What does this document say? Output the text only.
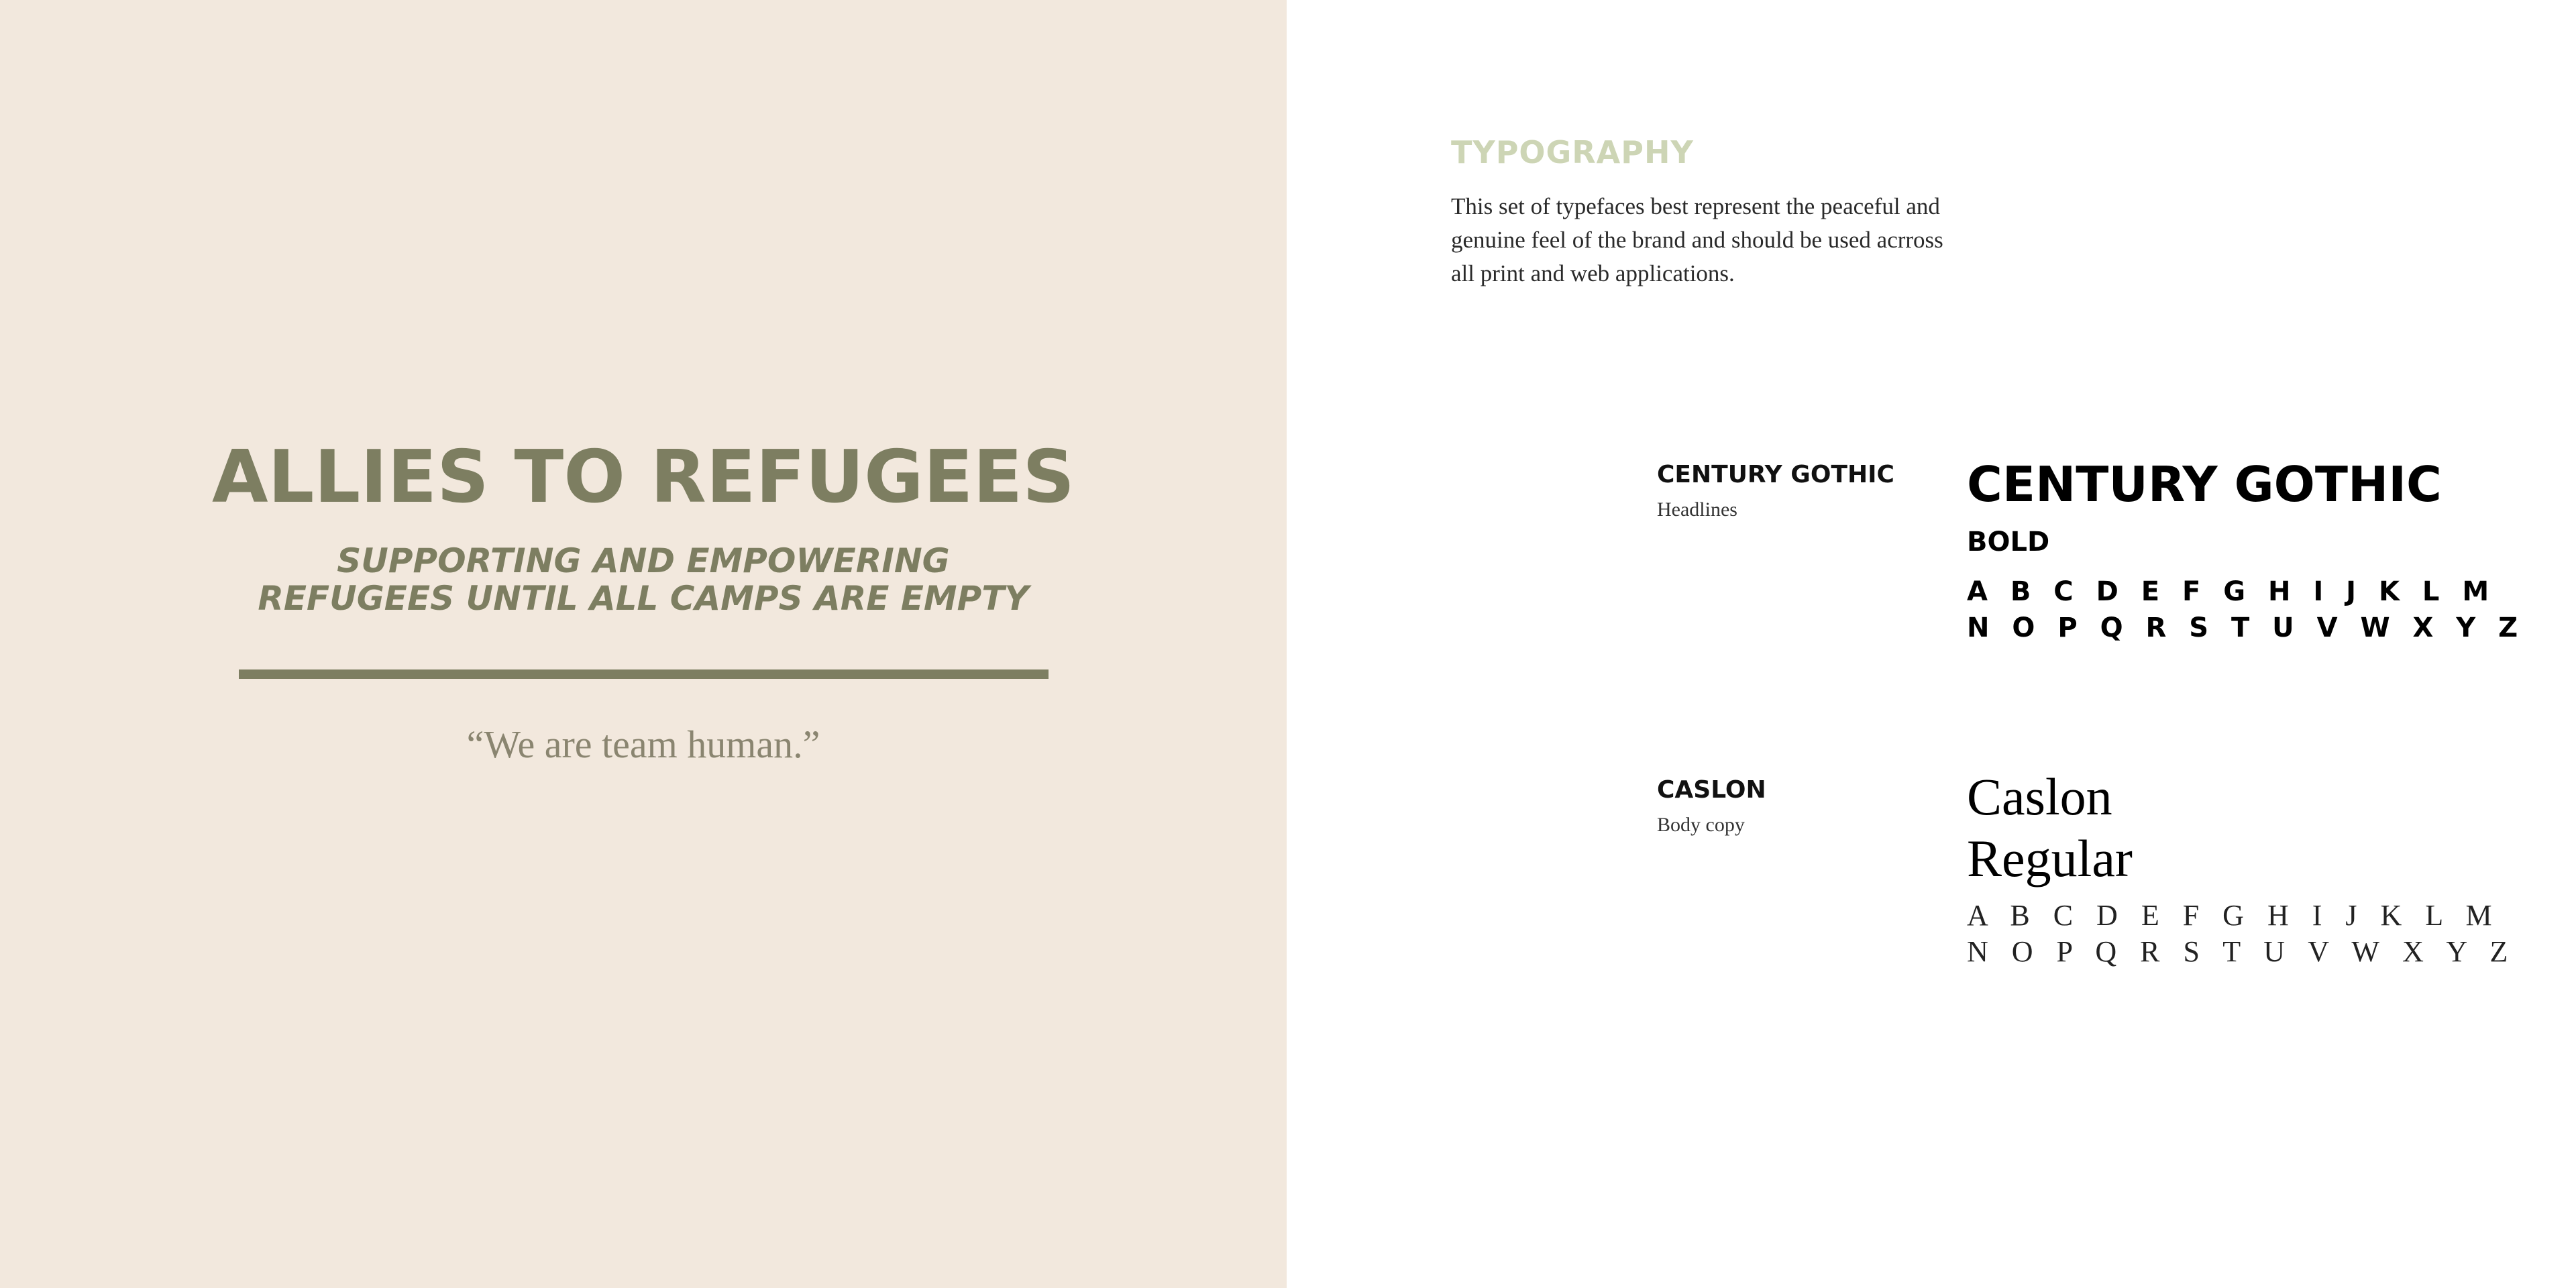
ALLIES TO REFUGEES
SUPPORTING AND EMPOWERING
REFUGEES UNTIL ALL CAMPS ARE EMPTY
“We are team human.”
TYPOGRAPHY
This set of typefaces best represent the peaceful and
genuine feel of the brand and should be used acrross
all print and web applications.
CENTURY GOTHIC
Headlines	CENTURY GOTHIC
BOLD
A B C D E F G H I J K L M
N O P Q R S T U V W X Y Z
CASLON
Body copy	Caslon
Regular
A B C D E F G H I J K L M
N O P Q R S T U V W X Y Z
